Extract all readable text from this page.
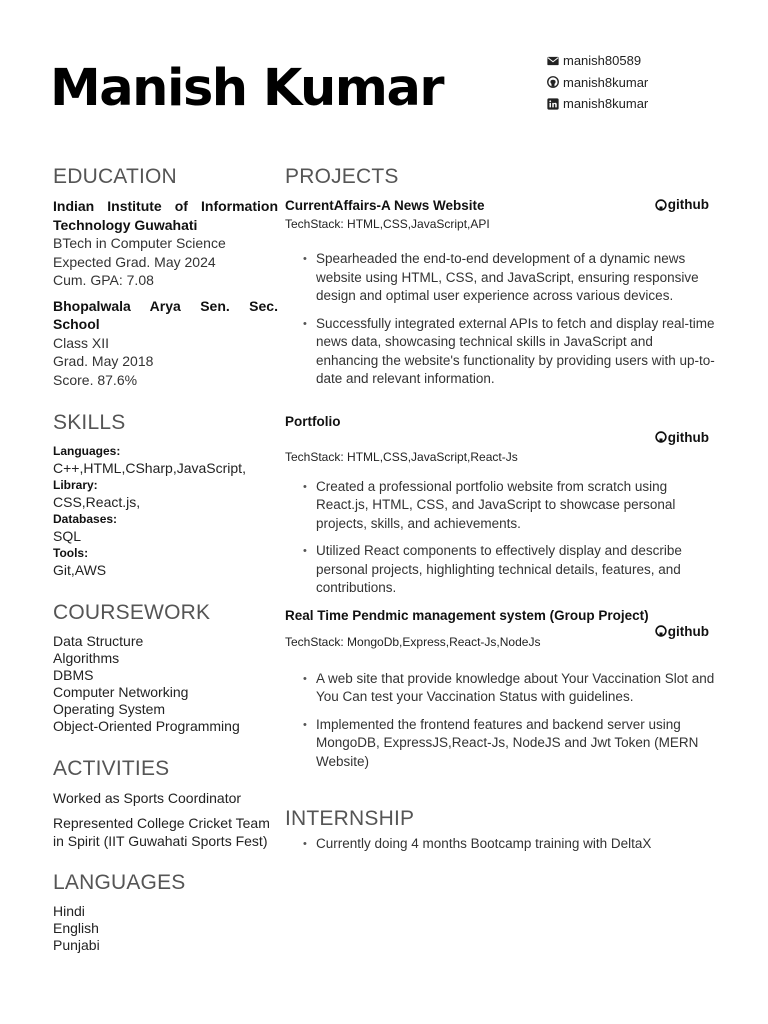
Manish Kumar	manish80589
manish8kumar
manish8kumar
EDUCATION
Indian Institute of Information Technology Guwahati
BTech in Computer Science
Expected Grad. May 2024
Cum. GPA: 7.08
Bhopalwala Arya Sen. Sec. School
Class XII
Grad. May 2018
Score. 87.6%
SKILLS
Languages:
C++,HTML,CSharp,JavaScript,
Library:
CSS,React.js,
Databases:
SQL
Tools:
Git,AWS
COURSEWORK
Data Structure
Algorithms
DBMS
Computer Networking
Operating System
Object-Oriented Programming
ACTIVITIES
Worked as Sports Coordinator
Represented College Cricket Team in Spirit (IIT Guwahati Sports Fest)
LANGUAGES
Hindi
English
Punjabi
PROJECTS
CurrentAffairs-A News Website	github
TechStack: HTML,CSS,JavaScript,API
• Spearheaded the end-to-end development of a dynamic news website using HTML, CSS, and JavaScript, ensuring responsive design and optimal user experience across various devices.
• Successfully integrated external APIs to fetch and display real-time news data, showcasing technical skills in JavaScript and enhancing the website's functionality by providing users with up-to-date and relevant information.
Portfolio
github
TechStack: HTML,CSS,JavaScript,React-Js
• Created a professional portfolio website from scratch using React.js, HTML, CSS, and JavaScript to showcase personal projects, skills, and achievements.
• Utilized React components to effectively display and describe personal projects, highlighting technical details, features, and contributions.
Real Time Pendmic management system (Group Project)
github
TechStack: MongoDb,Express,React-Js,NodeJs
• A web site that provide knowledge about Your Vaccination Slot and You Can test your Vaccination Status with guidelines.
• Implemented the frontend features and backend server using MongoDB, ExpressJS,React-Js, NodeJS and Jwt Token (MERN Website)
INTERNSHIP
• Currently doing 4 months Bootcamp training with DeltaX
